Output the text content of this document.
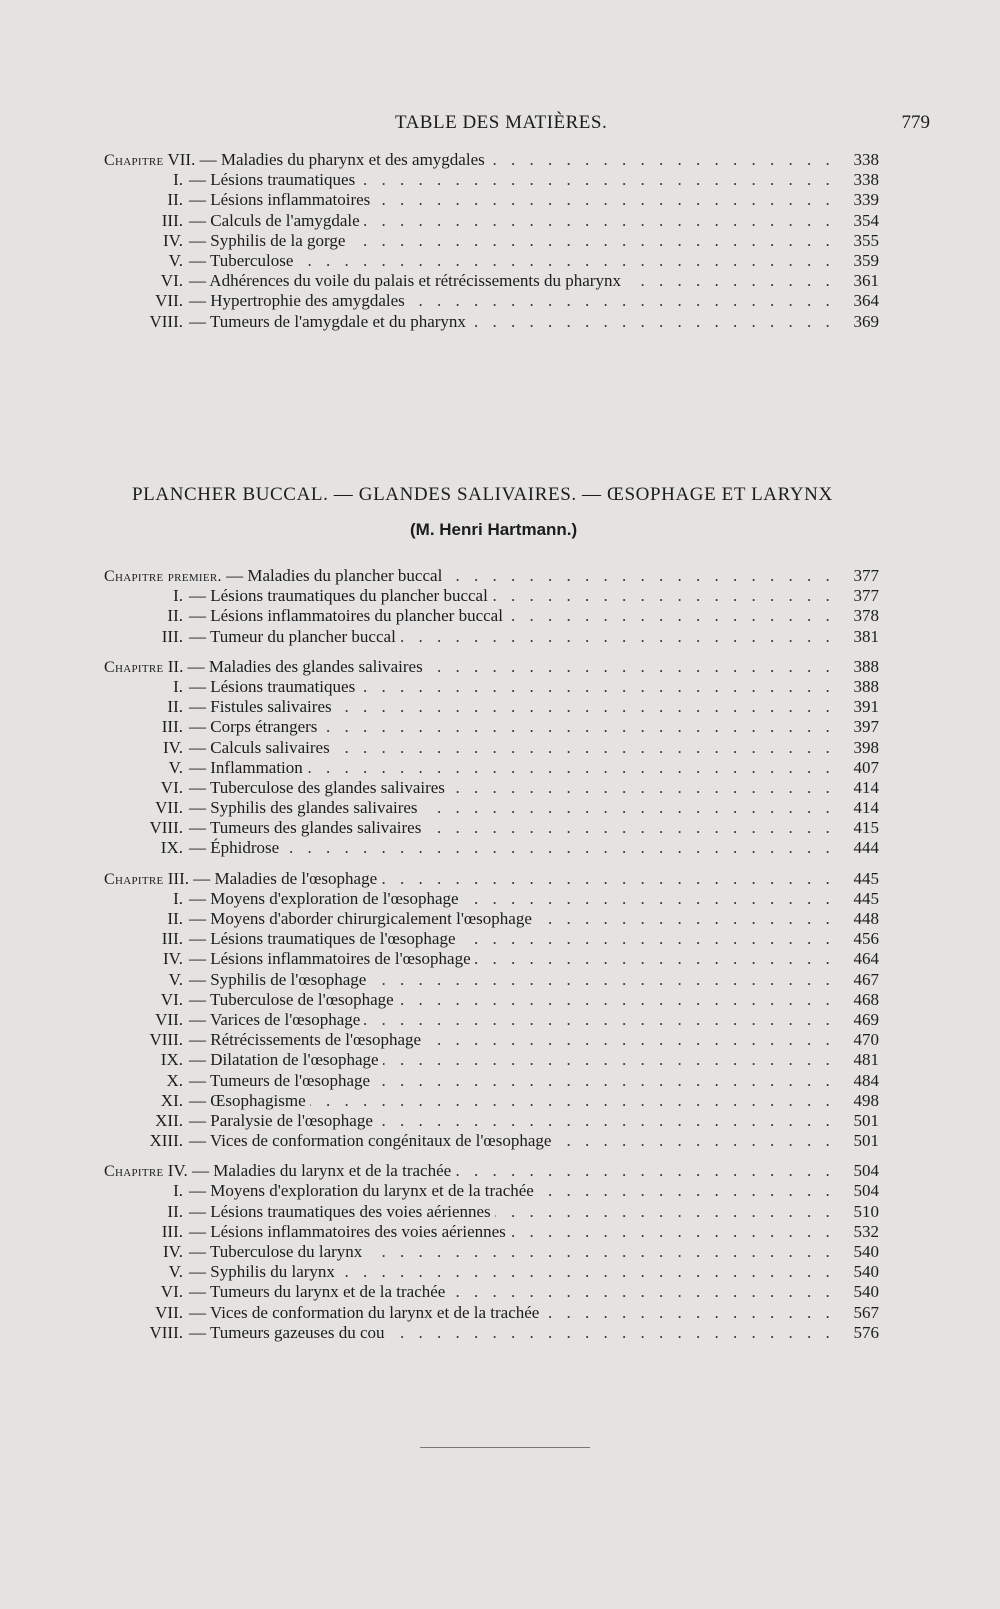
TABLE DES MATIÈRES.	779
. . .
Chapitre VII. — Maladies du pharynx et des amygdales	338
. . .
I. — Lésions traumatiques	338
. . .
II. — Lésions inflammatoires	339
. . .
III. — Calculs de l'amygdale	354
. . .
IV. — Syphilis de la gorge	355
. . .
V. — Tuberculose	359
. . .
VI. — Adhérences du voile du palais et rétrécissements du pharynx	361
. . .
VII. — Hypertrophie des amygdales	364
. . .
VIII. — Tumeurs de l'amygdale et du pharynx	369
PLANCHER BUCCAL. — GLANDES SALIVAIRES. — ŒSOPHAGE ET LARYNX
(M. Henri Hartmann.)
. . .
Chapitre premier. — Maladies du plancher buccal	377
. . .
I. — Lésions traumatiques du plancher buccal	377
. . .
II. — Lésions inflammatoires du plancher buccal	378
. . .
III. — Tumeur du plancher buccal	381
. . .
Chapitre II. — Maladies des glandes salivaires	388
. . .
I. — Lésions traumatiques	388
. . .
II. — Fistules salivaires	391
. . .
III. — Corps étrangers	397
. . .
IV. — Calculs salivaires	398
. . .
V. — Inflammation	407
. . .
VI. — Tuberculose des glandes salivaires	414
. . .
VII. — Syphilis des glandes salivaires	414
. . .
VIII. — Tumeurs des glandes salivaires	415
. . .
IX. — Éphidrose	444
. . .
Chapitre III. — Maladies de l'œsophage	445
. . .
I. — Moyens d'exploration de l'œsophage	445
. . .
II. — Moyens d'aborder chirurgicalement l'œsophage	448
. . .
III. — Lésions traumatiques de l'œsophage	456
. . .
IV. — Lésions inflammatoires de l'œsophage	464
. . .
V. — Syphilis de l'œsophage	467
. . .
VI. — Tuberculose de l'œsophage	468
. . .
VII. — Varices de l'œsophage	469
. . .
VIII. — Rétrécissements de l'œsophage	470
. . .
IX. — Dilatation de l'œsophage	481
. . .
X. — Tumeurs de l'œsophage	484
. . .
XI. — Œsophagisme	498
. . .
XII. — Paralysie de l'œsophage	501
. . .
XIII. — Vices de conformation congénitaux de l'œsophage	501
. . .
Chapitre IV. — Maladies du larynx et de la trachée	504
. . .
I. — Moyens d'exploration du larynx et de la trachée	504
. . .
II. — Lésions traumatiques des voies aériennes	510
. . .
III. — Lésions inflammatoires des voies aériennes	532
. . .
IV. — Tuberculose du larynx	540
. . .
V. — Syphilis du larynx	540
. . .
VI. — Tumeurs du larynx et de la trachée	540
. . .
VII. — Vices de conformation du larynx et de la trachée	567
. . .
VIII. — Tumeurs gazeuses du cou	576
